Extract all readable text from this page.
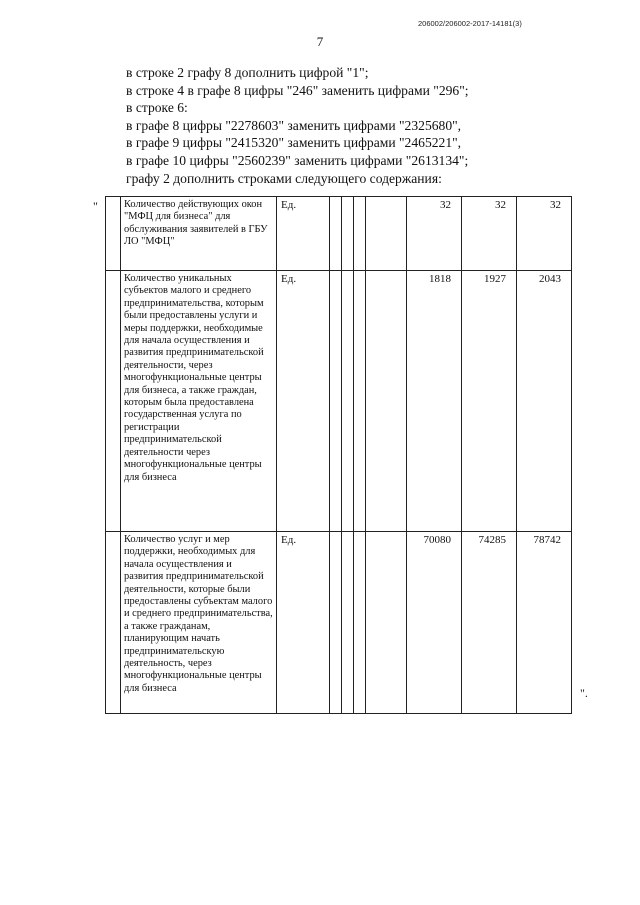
206002/206002-2017-14181(3)
7
в строке 2 графу 8 дополнить цифрой "1";
в строке 4 в графе 8 цифры "246" заменить цифрами "296";
в строке 6:
в графе 8 цифры "2278603" заменить цифрами "2325680",
в графе 9 цифры "2415320" заменить цифрами "2465221",
в графе 10 цифры "2560239" заменить цифрами "2613134";
графу 2 дополнить строками следующего содержания:
"
		Количество действующих окон "МФЦ для бизнеса" для обслуживания заявителей в ГБУ ЛО "МФЦ"	Ед.					32	32	32
	Количество уникальных субъектов малого и среднего предпринимательства, которым были предоставлены услуги и меры поддержки, необходимые для начала осуществления и развития предпринимательской деятельности, через многофункциональные центры для бизнеса, а также граждан, которым была предоставлена государственная услуга по регистрации предпринимательской деятельности через многофункциональные центры для бизнеса	Ед.					1818	1927	2043
	Количество услуг и мер поддержки, необходимых для начала осуществления и развития предпринимательской деятельности, которые были предоставлены субъектам малого и среднего предпринимательства, а также гражданам, планирующим начать предпринимательскую деятельность, через многофункциональные центры для бизнеса	Ед.					70080	74285	78742
".
